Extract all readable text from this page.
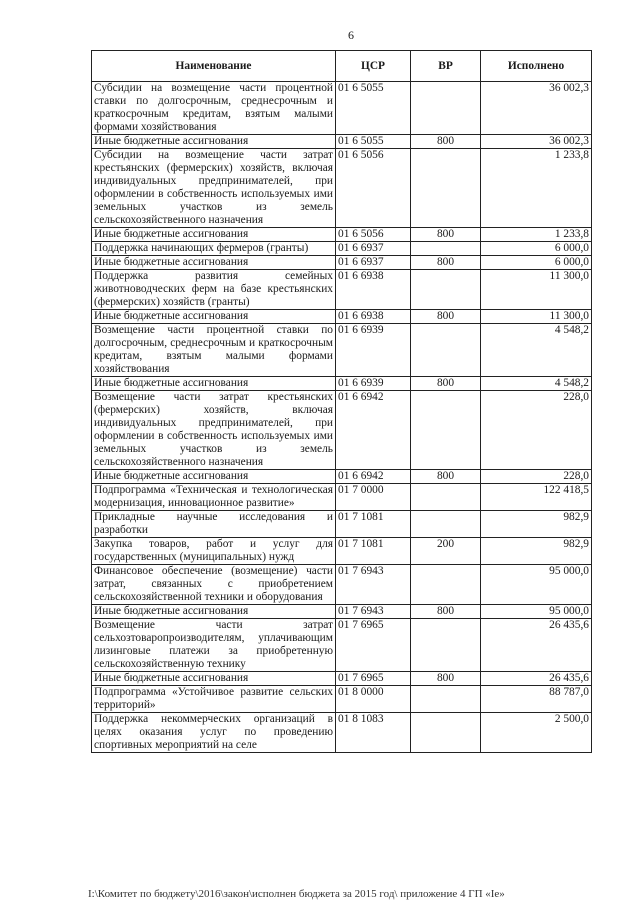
6
Наименование	ЦСР	ВР	Исполнено
Субсидии на возмещение части процентной ставки по долгосрочным, среднесрочным и краткосрочным кредитам, взятым малыми формами хозяйствования	01 6 5055		36 002,3
Иные бюджетные ассигнования	01 6 5055	800	36 002,3
Субсидии на возмещение части затрат крестьянских (фермерских) хозяйств, включая индивидуальных предпринимателей, при оформлении в собственность используемых ими земельных участков из земель сельскохозяйственного назначения	01 6 5056		1 233,8
Иные бюджетные ассигнования	01 6 5056	800	1 233,8
Поддержка начинающих фермеров (гранты)	01 6 6937		6 000,0
Иные бюджетные ассигнования	01 6 6937	800	6 000,0
Поддержка развития семейных животноводческих ферм на базе крестьянских (фермерских) хозяйств (гранты)	01 6 6938		11 300,0
Иные бюджетные ассигнования	01 6 6938	800	11 300,0
Возмещение части процентной ставки по долгосрочным, среднесрочным и краткосрочным кредитам, взятым малыми формами хозяйствования	01 6 6939		4 548,2
Иные бюджетные ассигнования	01 6 6939	800	4 548,2
Возмещение части затрат крестьянских (фермерских) хозяйств, включая индивидуальных предпринимателей, при оформлении в собственность используемых ими земельных участков из земель сельскохозяйственного назначения	01 6 6942		228,0
Иные бюджетные ассигнования	01 6 6942	800	228,0
Подпрограмма «Техническая и технологическая модернизация, инновационное развитие»	01 7 0000		122 418,5
Прикладные научные исследования и разработки	01 7 1081		982,9
Закупка товаров, работ и услуг для государственных (муниципальных) нужд	01 7 1081	200	982,9
Финансовое обеспечение (возмещение) части затрат, связанных с приобретением сельскохозяйственной техники и оборудования	01 7 6943		95 000,0
Иные бюджетные ассигнования	01 7 6943	800	95 000,0
Возмещение части затрат сельхозтоваропроизводителям, уплачивающим лизинговые платежи за приобретенную сельскохозяйственную технику	01 7 6965		26 435,6
Иные бюджетные ассигнования	01 7 6965	800	26 435,6
Подпрограмма «Устойчивое развитие сельских территорий»	01 8 0000		88 787,0
Поддержка некоммерческих организаций в целях оказания услуг по проведению спортивных мероприятий на селе	01 8 1083		2 500,0
I:\Комитет по бюджету\2016\закон\исполнен бюджета за 2015 год\ приложение 4 ГП «Ie»
